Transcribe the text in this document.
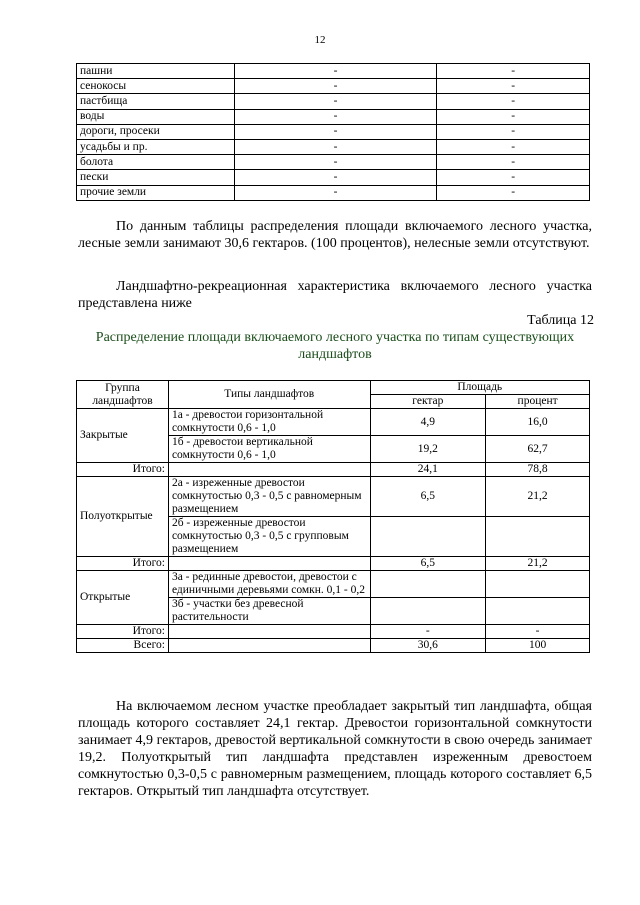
12
пашни	-	-
сенокосы	-	-
пастбища	-	-
воды	-	-
дороги, просеки	-	-
усадьбы и пр.	-	-
болота	-	-
пески	-	-
прочие земли	-	-

По данным таблицы распределения площади включаемого лесного участка, лесные земли занимают 30,6 гектаров. (100 процентов), нелесные земли отсутствуют.

Ландшафтно-рекреационная характеристика включаемого лесного участка представлена ниже

Таблица 12
Распределение площади включаемого лесного участка по типам существующих ландшафтов
Группа ландшафтов	Типы ландшафтов	Площадь	
		гектар	процент
Закрытые	1а - древостои горизонтальной сомкнутости 0,6 - 1,0	4,9	16,0
	1б - древостои вертикальной сомкнутости 0,6 - 1,0	19,2	62,7
Итого:		24,1	78,8
Полуоткрытые	2а - изреженные древостои сомкнутостью 0,3 - 0,5 с равномерным размещением	6,5	21,2
	2б - изреженные древостои сомкнутостью 0,3 - 0,5 с групповым размещением		
Итого:		6,5	21,2
Открытые	3а - рединные древостои, древостои с единичными деревьями сомкн. 0,1 - 0,2		
	3б - участки без древесной растительности		
Итого:		-	-
Всего:		30,6	100

На включаемом лесном участке преобладает закрытый тип ландшафта, общая площадь которого составляет 24,1 гектар. Древостои горизонтальной сомкнутости занимает 4,9 гектаров, древостой вертикальной сомкнутости в свою очередь занимает 19,2. Полуоткрытый тип ландшафта представлен изреженным древостоем сомкнутостью 0,3-0,5 с равномерным размещением, площадь которого составляет 6,5 гектаров. Открытый тип ландшафта отсутствует.
